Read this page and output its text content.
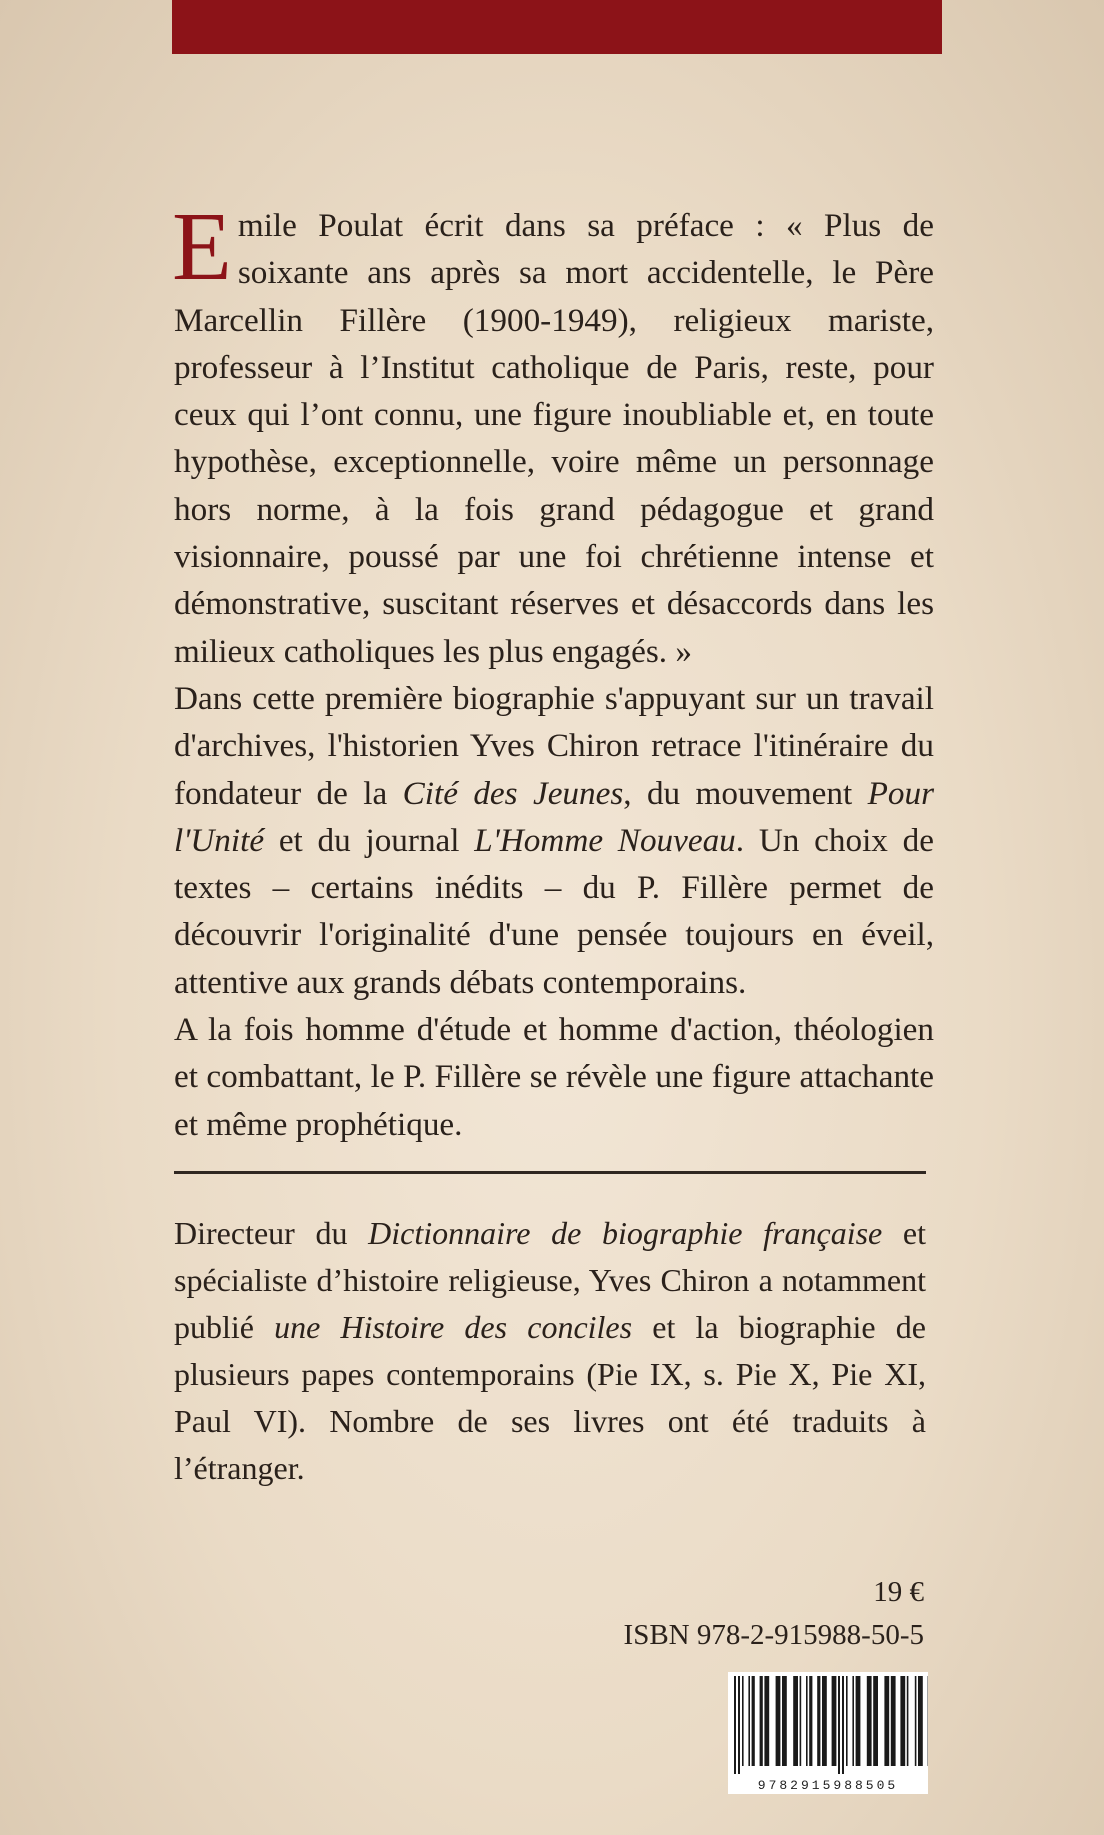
Emile Poulat écrit dans sa préface : « Plus de soixante ans après sa mort accidentelle, le Père Marcellin Fillère (1900-1949), religieux mariste, professeur à l’Institut catholique de Paris, reste, pour ceux qui l’ont connu, une figure inoubliable et, en toute hypothèse, exceptionnelle, voire même un personnage hors norme, à la fois grand pédagogue et grand visionnaire, poussé par une foi chrétienne intense et démonstrative, suscitant réserves et désaccords dans les milieux catholiques les plus engagés. »

Dans cette première biographie s'appuyant sur un travail d'archives, l'historien Yves Chiron retrace l'itinéraire du fondateur de la Cité des Jeunes, du mouvement Pour l'Unité et du journal L'Homme Nouveau. Un choix de textes – certains inédits – du P. Fillère permet de découvrir l'originalité d'une pensée toujours en éveil, attentive aux grands débats contemporains.

A la fois homme d'étude et homme d'action, théologien et combattant, le P. Fillère se révèle une figure attachante et même prophétique.

Directeur du Dictionnaire de biographie française et spécialiste d’histoire religieuse, Yves Chiron a notamment publié une Histoire des conciles et la biographie de plusieurs papes contemporains (Pie IX, s. Pie X, Pie XI, Paul VI). Nombre de ses livres ont été traduits à l’étranger.

19 €
ISBN 978-2-915988-50-5
9782915988505
